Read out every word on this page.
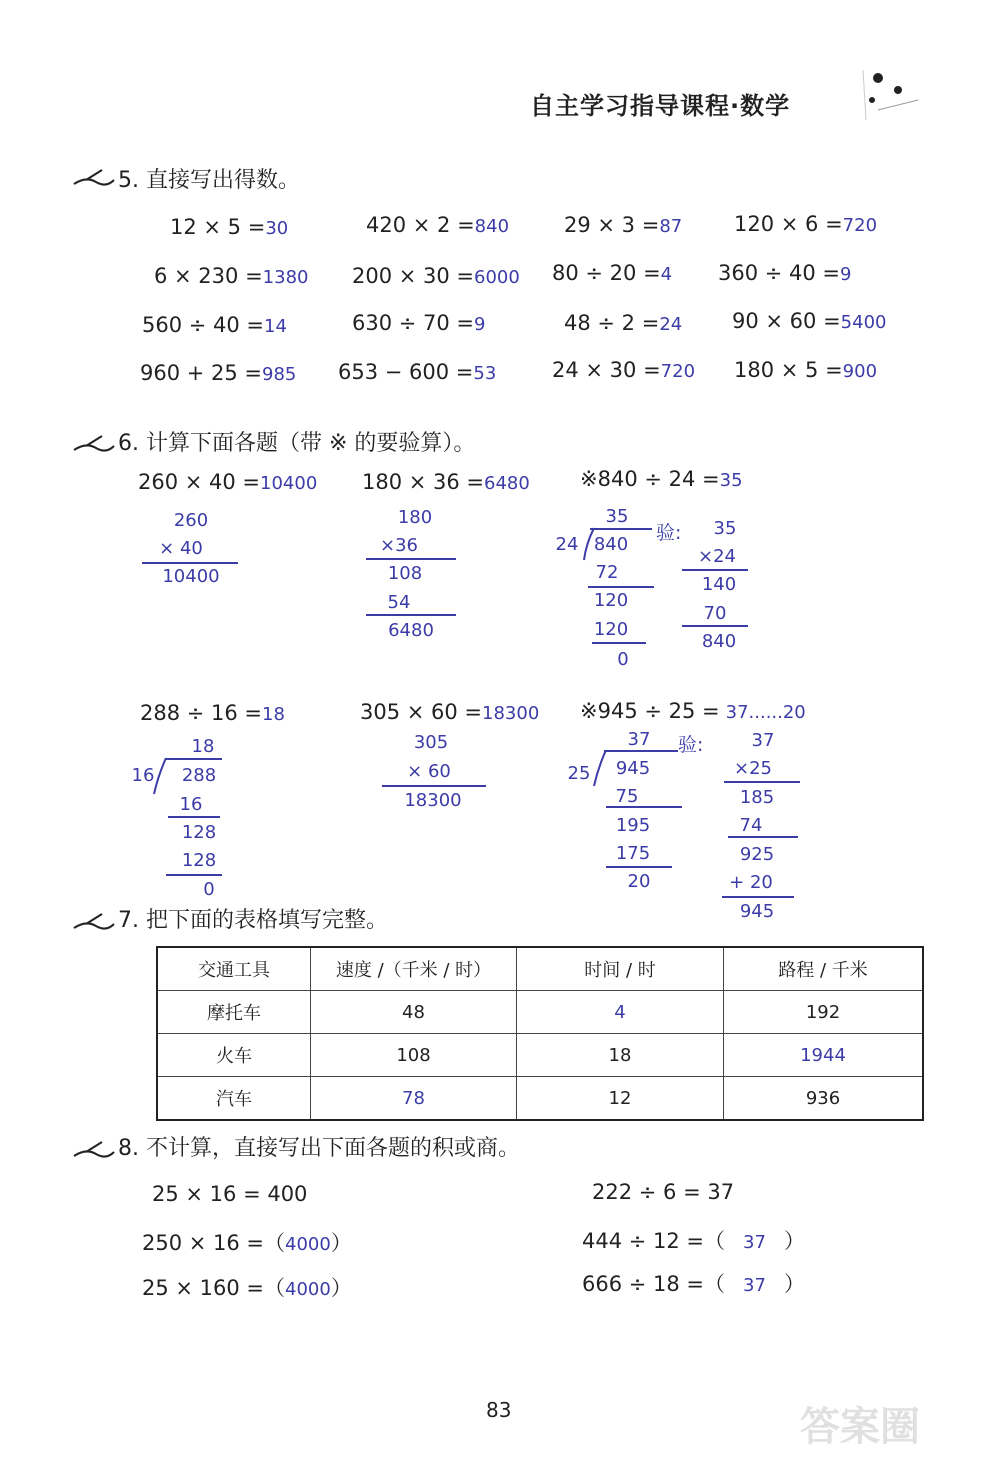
自主学习指导课程·数学
5. 直接写出得数。
12 × 5 =30	420 × 2 =840	29 × 3 =87 120 × 6 =720
6 × 230 =1380 200 × 30 =6000 80 ÷ 20 =4 360 ÷ 40 =9
560 ÷ 40 =14	630 ÷ 70 =9	48 ÷ 2 =24 90 × 60 =5400
960 + 25 =985 653 − 600 =53	24 × 30 =720 180 × 5 =900
6. 计算下面各题（带 ※ 的要验算）。
260 × 40 =10400
260
× 40
10400
180 × 36 =6480
180
×36
108
54
6480
※840 ÷ 24 =35
35
24 840
72
120
120
0
验:	35
×24
140
70
840
288 ÷ 16 =18
18
16	288
16
128
128
0
305 × 60 =18300
305
× 60
18300
※945 ÷ 25 = 37......20
37
25	945
75
195
175
20
验:	37
×25
185
74
925
+ 20
945
7. 把下面的表格填写完整。
交通工具	速度 /（千米 / 时）	时间 / 时	路程 / 千米
摩托车	48	4	192
火车	108	18	1944
汽车	78	12	936
8. 不计算，直接写出下面各题的积或商。
25 × 16 = 400
250 × 16 =（4000）
25 × 160 =（4000）
222 ÷ 6 = 37
444 ÷ 12 =（ 37 ）
666 ÷ 18 =（ 37 ）
83	答案圈
